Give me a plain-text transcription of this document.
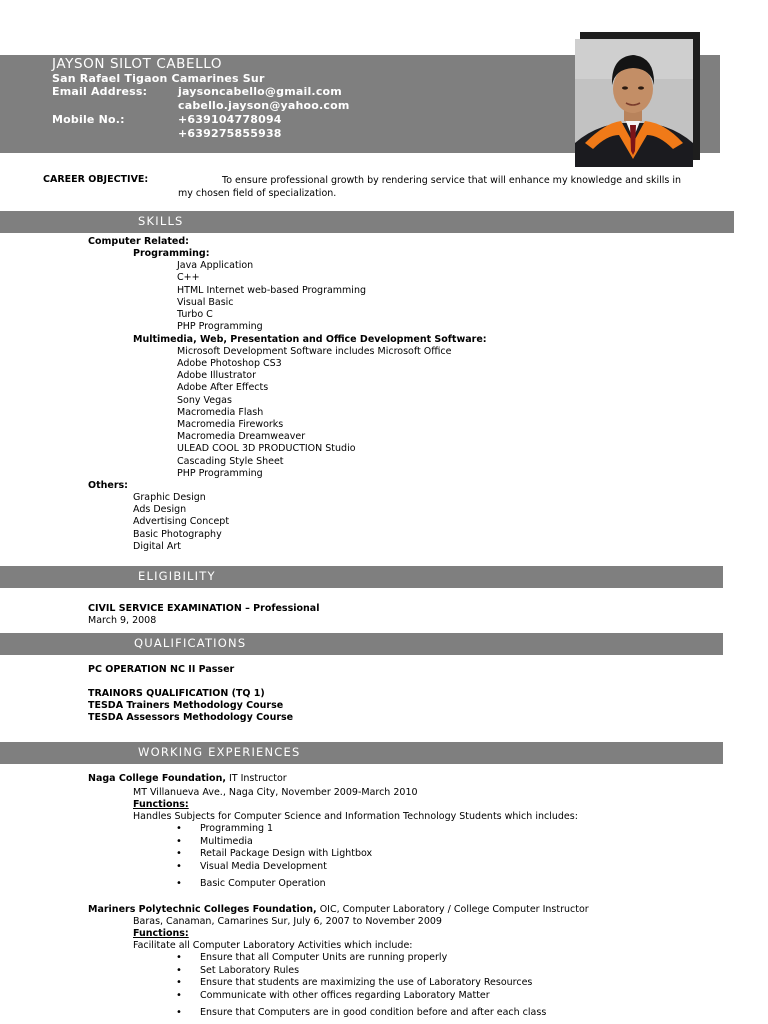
JAYSON SILOT CABELLO
San Rafael Tigaon Camarines Sur
Email Address:	jaysoncabello@gmail.com
cabello.jayson@yahoo.com
Mobile No.:	+639104778094
+639275855938
CAREER OBJECTIVE:	To ensure professional growth by rendering service that will enhance my knowledge and skills in my chosen field of specialization.
SKILLS
Computer Related:
Programming:
Java Application
C++
HTML Internet web-based Programming
Visual Basic
Turbo C
PHP Programming
Multimedia, Web, Presentation and Office Development Software:
Microsoft Development Software includes Microsoft Office
Adobe Photoshop CS3
Adobe Illustrator
Adobe After Effects
Sony Vegas
Macromedia Flash
Macromedia Fireworks
Macromedia Dreamweaver
ULEAD COOL 3D PRODUCTION Studio
Cascading Style Sheet
PHP Programming
Others:
Graphic Design
Ads Design
Advertising Concept
Basic Photography
Digital Art
ELIGIBILITY
CIVIL SERVICE EXAMINATION – Professional
March 9, 2008
QUALIFICATIONS
PC OPERATION NC II Passer
TRAINORS QUALIFICATION (TQ 1)
TESDA Trainers Methodology Course
TESDA Assessors Methodology Course
WORKING EXPERIENCES
Naga College Foundation, IT Instructor
MT Villanueva Ave., Naga City, November 2009-March 2010
Functions:
Handles Subjects for Computer Science and Information Technology Students which includes:
• Programming 1
• Multimedia
• Retail Package Design with Lightbox
• Visual Media Development
• Basic Computer Operation
Mariners Polytechnic Colleges Foundation, OIC, Computer Laboratory / College Computer Instructor
Baras, Canaman, Camarines Sur, July 6, 2007 to November 2009
Functions:
Facilitate all Computer Laboratory Activities which include:
• Ensure that all Computer Units are running properly
• Set Laboratory Rules
• Ensure that students are maximizing the use of Laboratory Resources
• Communicate with other offices regarding Laboratory Matter
• Ensure that Computers are in good condition before and after each class
